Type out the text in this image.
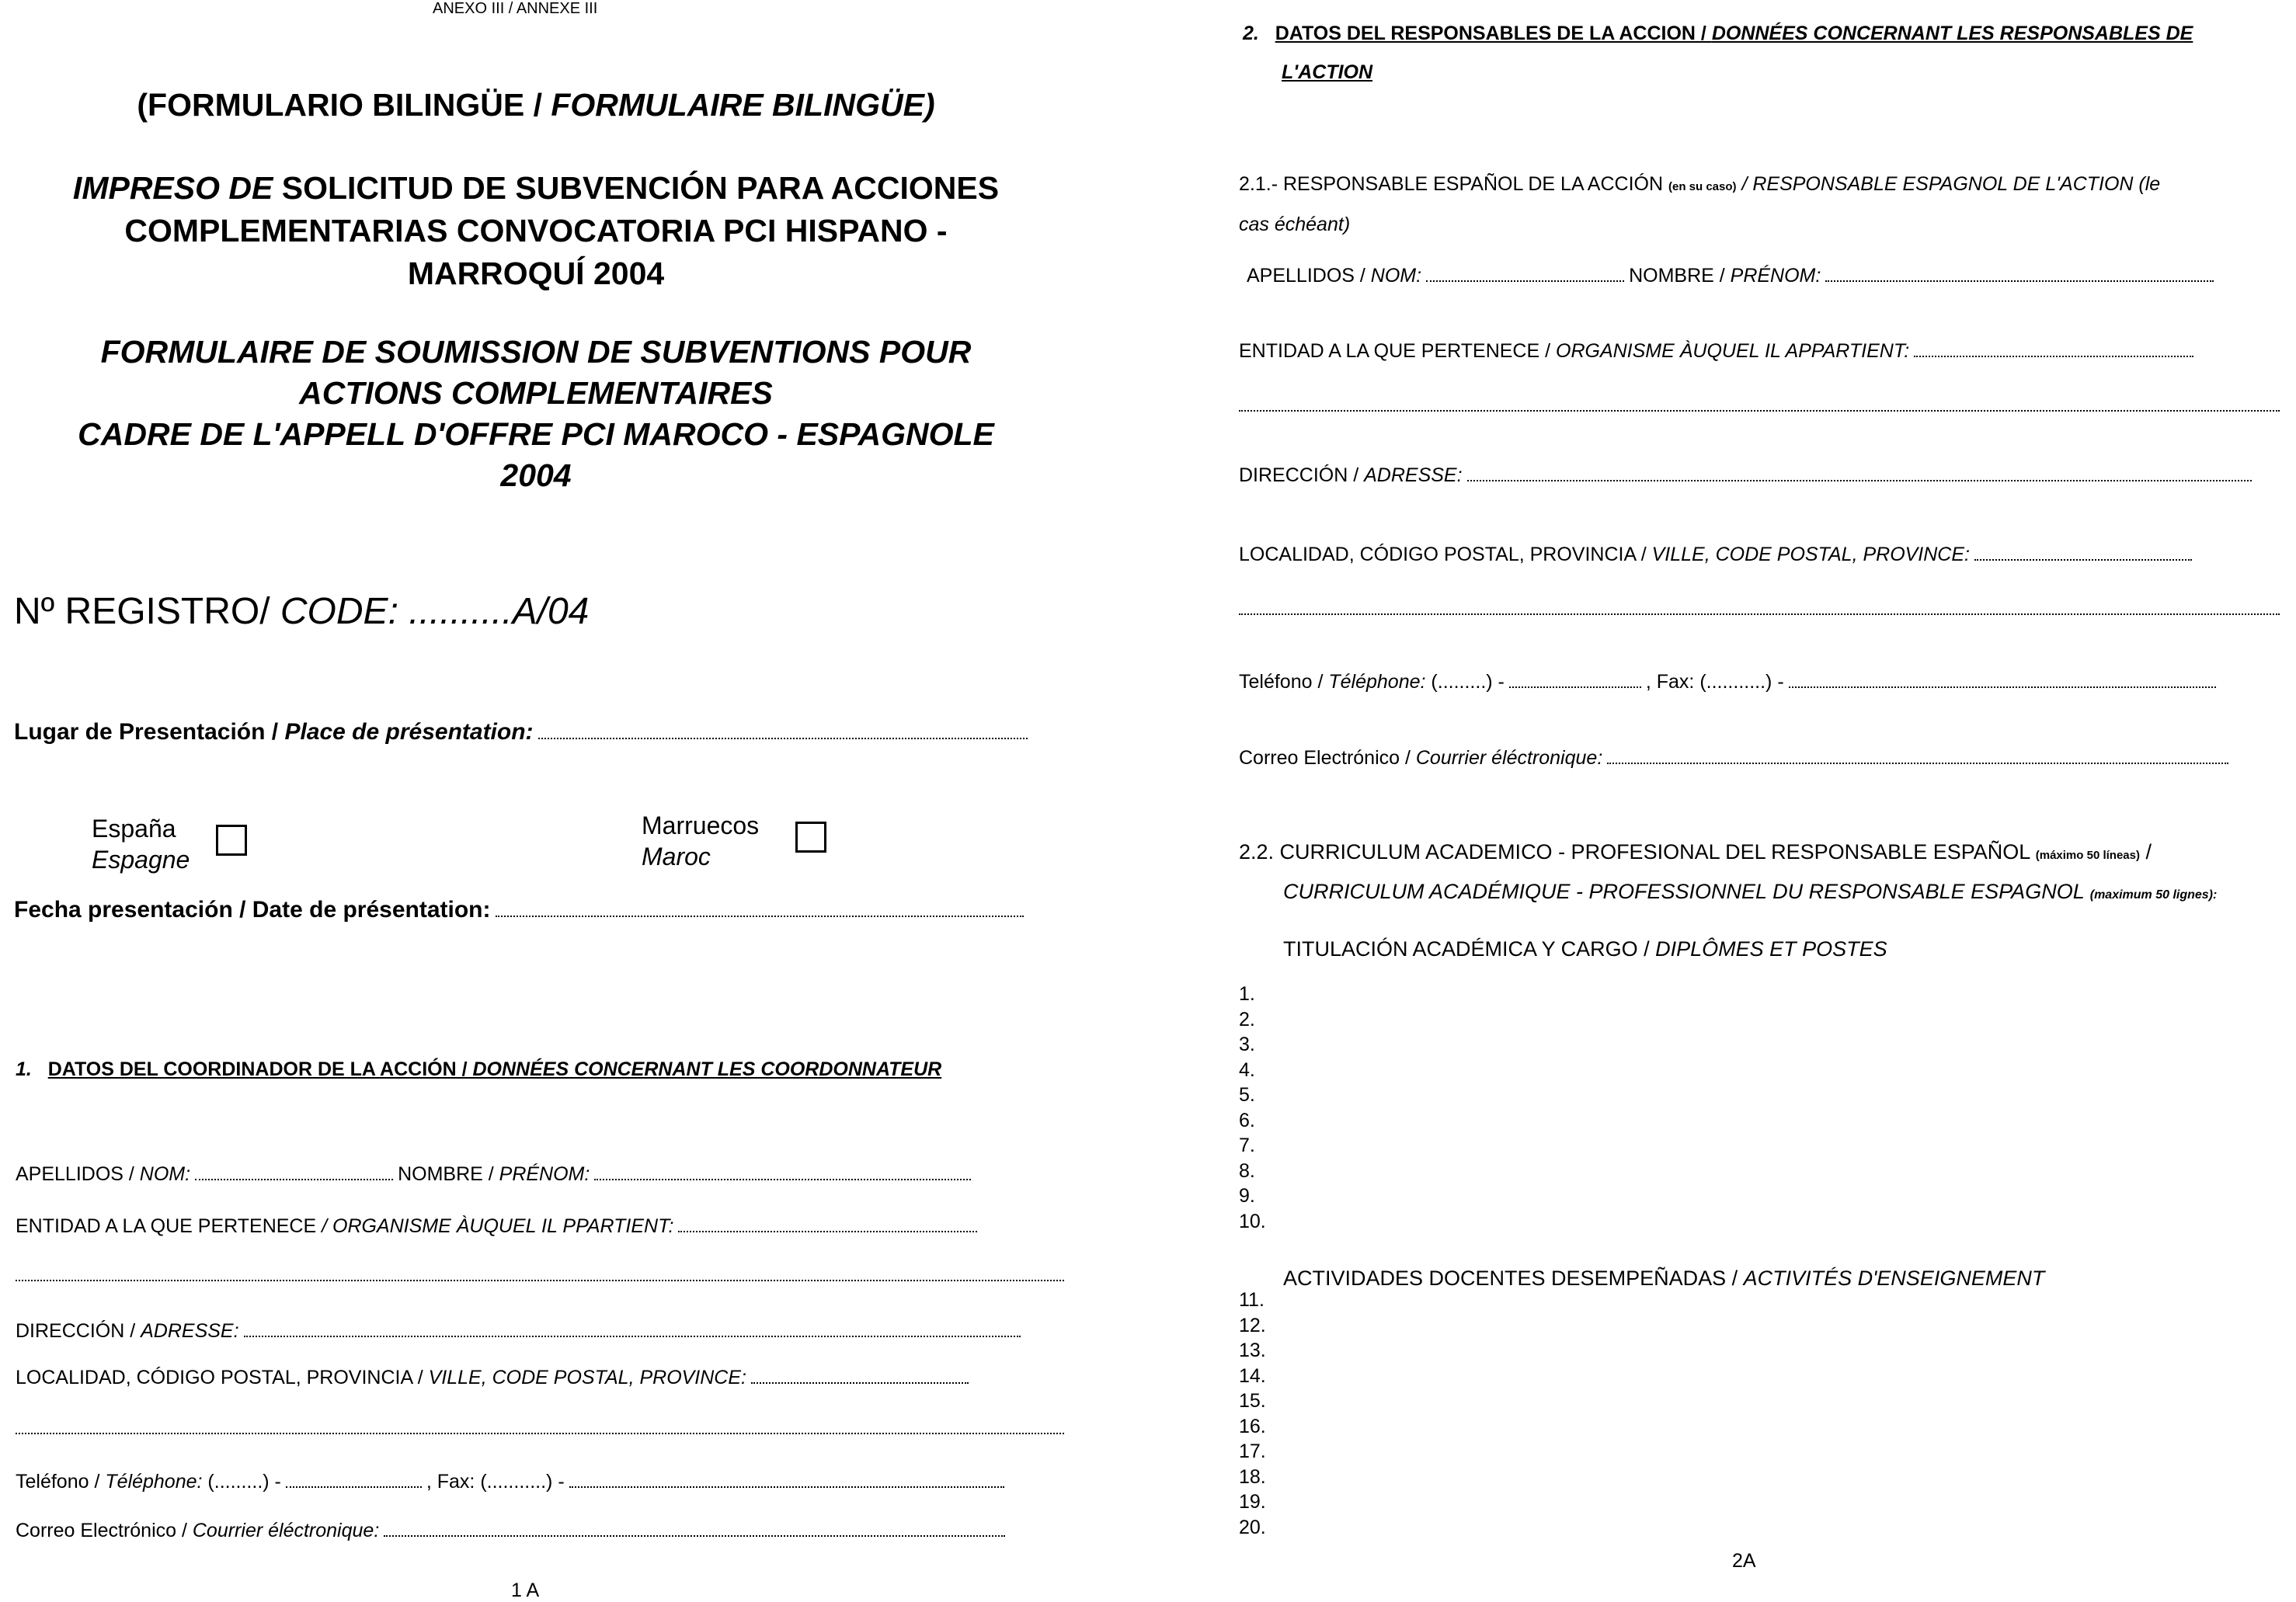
ANEXO III / ANNEXE III
(FORMULARIO BILINGÜE / FORMULAIRE BILINGÜE)
IMPRESO DE SOLICITUD DE SUBVENCIÓN PARA ACCIONES
COMPLEMENTARIAS CONVOCATORIA PCI HISPANO -
MARROQUÍ 2004
FORMULAIRE DE SOUMISSION DE SUBVENTIONS POUR
ACTIONS COMPLEMENTAIRES
CADRE DE L'APPELL D'OFFRE PCI MAROCO - ESPAGNOLE
2004
Nº REGISTRO/ CODE: ..........A/04
Lugar de Presentación / Place de présentation:
España
Espagne
Marruecos
Maroc
Fecha presentación / Date de présentation:
1. DATOS DEL COORDINADOR DE LA ACCIÓN / DONNÉES CONCERNANT LES COORDONNATEUR
APELLIDOS / NOM:	NOMBRE / PRÉNOM:
ENTIDAD A LA QUE PERTENECE / ORGANISME ÀUQUEL IL PPARTIENT:
DIRECCIÓN / ADRESSE:
LOCALIDAD, CÓDIGO POSTAL, PROVINCIA / VILLE, CODE POSTAL, PROVINCE:
Teléfono / Téléphone: (.........) -	, Fax: (...........) -
Correo Electrónico / Courrier éléctronique:
1 A
2. DATOS DEL RESPONSABLES DE LA ACCION / DONNÉES CONCERNANT LES RESPONSABLES DE
L'ACTION
2.1.- RESPONSABLE ESPAÑOL DE LA ACCIÓN (en su caso) / RESPONSABLE ESPAGNOL DE L'ACTION (le
cas échéant)
APELLIDOS / NOM:	NOMBRE / PRÉNOM:
ENTIDAD A LA QUE PERTENECE / ORGANISME ÀUQUEL IL APPARTIENT:
DIRECCIÓN / ADRESSE:
LOCALIDAD, CÓDIGO POSTAL, PROVINCIA / VILLE, CODE POSTAL, PROVINCE:
Teléfono / Téléphone: (.........) -	, Fax: (...........) -
Correo Electrónico / Courrier éléctronique:
2.2. CURRICULUM ACADEMICO - PROFESIONAL DEL RESPONSABLE ESPAÑOL (máximo 50 líneas) /
CURRICULUM ACADÉMIQUE - PROFESSIONNEL DU RESPONSABLE ESPAGNOL (maximum 50 lignes):
TITULACIÓN ACADÉMICA Y CARGO / DIPLÔMES ET POSTES
1.
2.
3.
4.
5.
6.
7.
8.
9.
10.
ACTIVIDADES DOCENTES DESEMPEÑADAS / ACTIVITÉS D'ENSEIGNEMENT
11.
12.
13.
14.
15.
16.
17.
18.
19.
20.
2A
